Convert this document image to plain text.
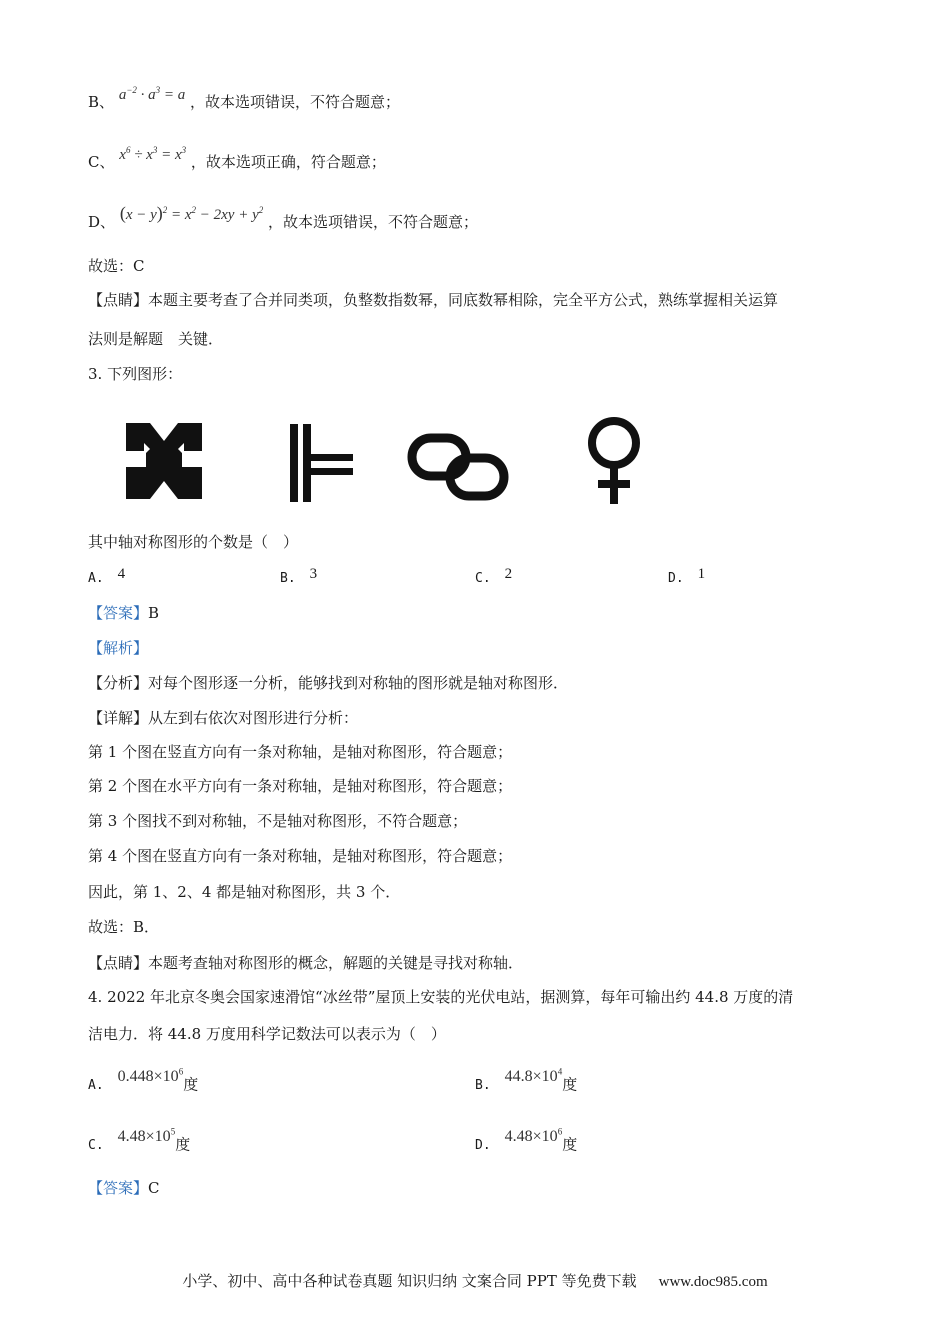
B、 $a^{-2} \cdot a^3 = a$ ，故本选项错误，不符合题意；
C、 $x^6 \div x^3 = x^3$ ，故本选项正确，符合题意；
D、 $(x - y)^2 = x^2 - 2xy + y^2$ ，故本选项错误，不符合题意；
故选：C
【点睛】本题主要考查了合并同类项，负整数指数幂，同底数幂相除，完全平方公式，熟练掌握相关运算
法则是解题　关键．
3. 下列图形：
其中轴对称图形的个数是（　）
A. 4	B. 3	C. 2	D. 1
【答案】B
【解析】
【分析】对每个图形逐一分析，能够找到对称轴的图形就是轴对称图形．
【详解】从左到右依次对图形进行分析：
第 1 个图在竖直方向有一条对称轴，是轴对称图形，符合题意；
第 2 个图在水平方向有一条对称轴，是轴对称图形，符合题意；
第 3 个图找不到对称轴，不是轴对称图形，不符合题意；
第 4 个图在竖直方向有一条对称轴，是轴对称图形，符合题意；
因此，第 1、2、4 都是轴对称图形，共 3 个．
故选：B．
【点睛】本题考查轴对称图形的概念，解题的关键是寻找对称轴．
4. 2022 年北京冬奥会国家速滑馆“冰丝带”屋顶上安装的光伏电站，据测算，每年可输出约 44.8 万度的清
洁电力．将 44.8 万度用科学记数法可以表示为（　）
$A.0.448\times 10^6$度	$B.44.8\times 10^4$度
$C.4.48\times 10^5$度	$D.4.48\times 10^6$度
【答案】C
小学、初中、高中各种试卷真题 知识归纳 文案合同 PPT 等免费下载 www.doc985.com
